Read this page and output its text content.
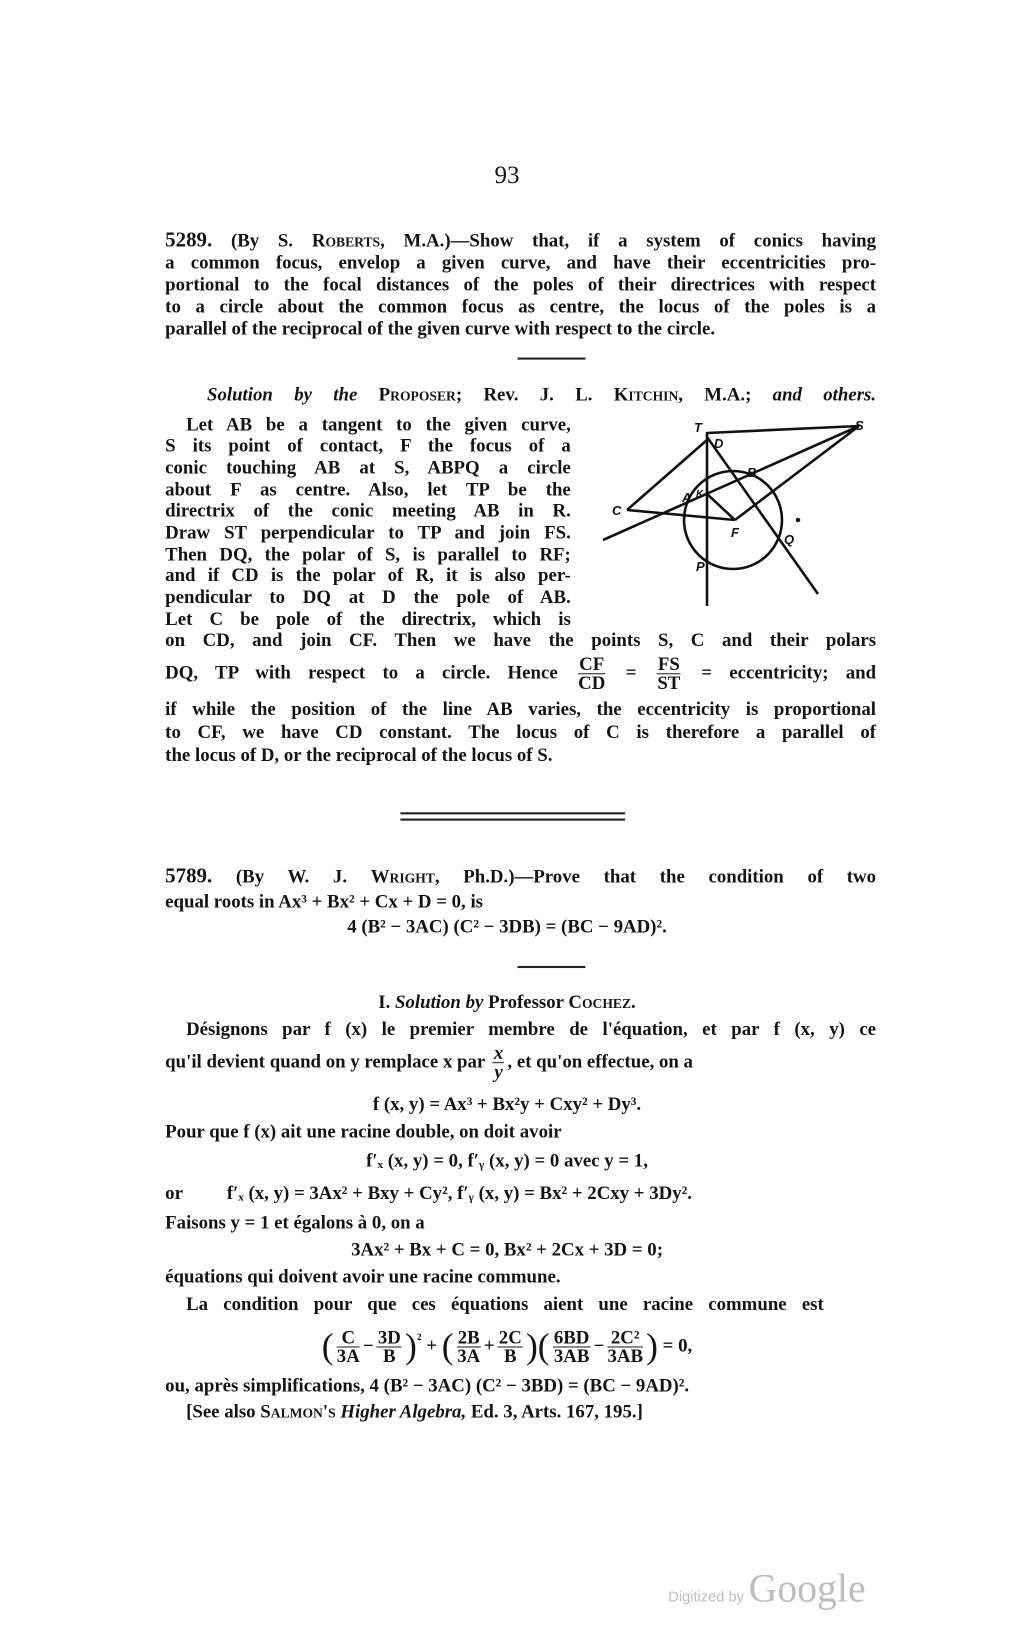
93
5289. (By S. Roberts, M.A.)—Show that, if a system of conics having
a common focus, envelop a given curve, and have their eccentricities pro-
portional to the focal distances of the poles of their directrices with respect
to a circle about the common focus as centre, the locus of the poles is a
parallel of the reciprocal of the given curve with respect to the circle.
Solution by the Proposer; Rev. J. L. Kitchin, M.A.; and others.
Let AB be a tangent to the given curve,
S its point of contact, F the focus of a
conic touching AB at S, ABPQ a circle
about F as centre. Also, let TP be the
directrix of the conic meeting AB in R.
Draw ST perpendicular to TP and join FS.
Then DQ, the polar of S, is parallel to RF;
and if CD is the polar of R, it is also per-
pendicular to DQ at D the pole of AB.
Let C be pole of the directrix, which is
on CD, and join CF. Then we have the points S, C and their polars
DQ, TP with respect to a circle. Hence $\frac{CF}{CD} = \frac{FS}{ST}$ = eccentricity; and
if while the position of the line AB varies, the eccentricity is proportional
to CF, we have CD constant. The locus of C is therefore a parallel of
the locus of D, or the reciprocal of the locus of S.
5789. (By W. J. Wright, Ph.D.)—Prove that the condition of two
equal roots in Ax³ + Bx² + Cx + D = 0, is
4 (B² − 3AC) (C² − 3DB) = (BC − 9AD)².
I. Solution by Professor Cochez.
Désignons par f (x) le premier membre de l'équation, et par f (x, y) ce
qu'il devient quand on y remplace x par $\frac{x}{y}$ , et qu'on effectue, on a
f (x, y) = Ax³ + Bx²y + Cxy² + Dy³.
Pour que f (x) ait une racine double, on doit avoir
f′ₓ (x, y) = 0, f′ᵧ (x, y) = 0 avec y = 1,
or f′ₓ (x, y) = 3Ax² + Bxy + Cy², f′ᵧ (x, y) = Bx² + 2Cxy + 3Dy².
Faisons y = 1 et égalons à 0, on a
3Ax² + Bx + C = 0, Bx² + 2Cx + 3D = 0;
équations qui doivent avoir une racine commune.
La condition pour que ces équations aient une racine commune est
( $\frac{C}{3A} - \frac{3D}{B} )^{^2}$ + ( $\frac{2B}{3A} + \frac{2C}{B}$ )( $\frac{6BD}{3AB} - \frac{\text{2C²}}{3AB}$ ) = 0,
ou, après simplifications, 4 (B² − 3AC) (C² − 3BD) = (BC − 9AD)².
[See also Salmon's Higher Algebra, Ed. 3, Arts. 167, 195.]
Digitized by Google
T
D
S
B
A K
C
F	Q
P
